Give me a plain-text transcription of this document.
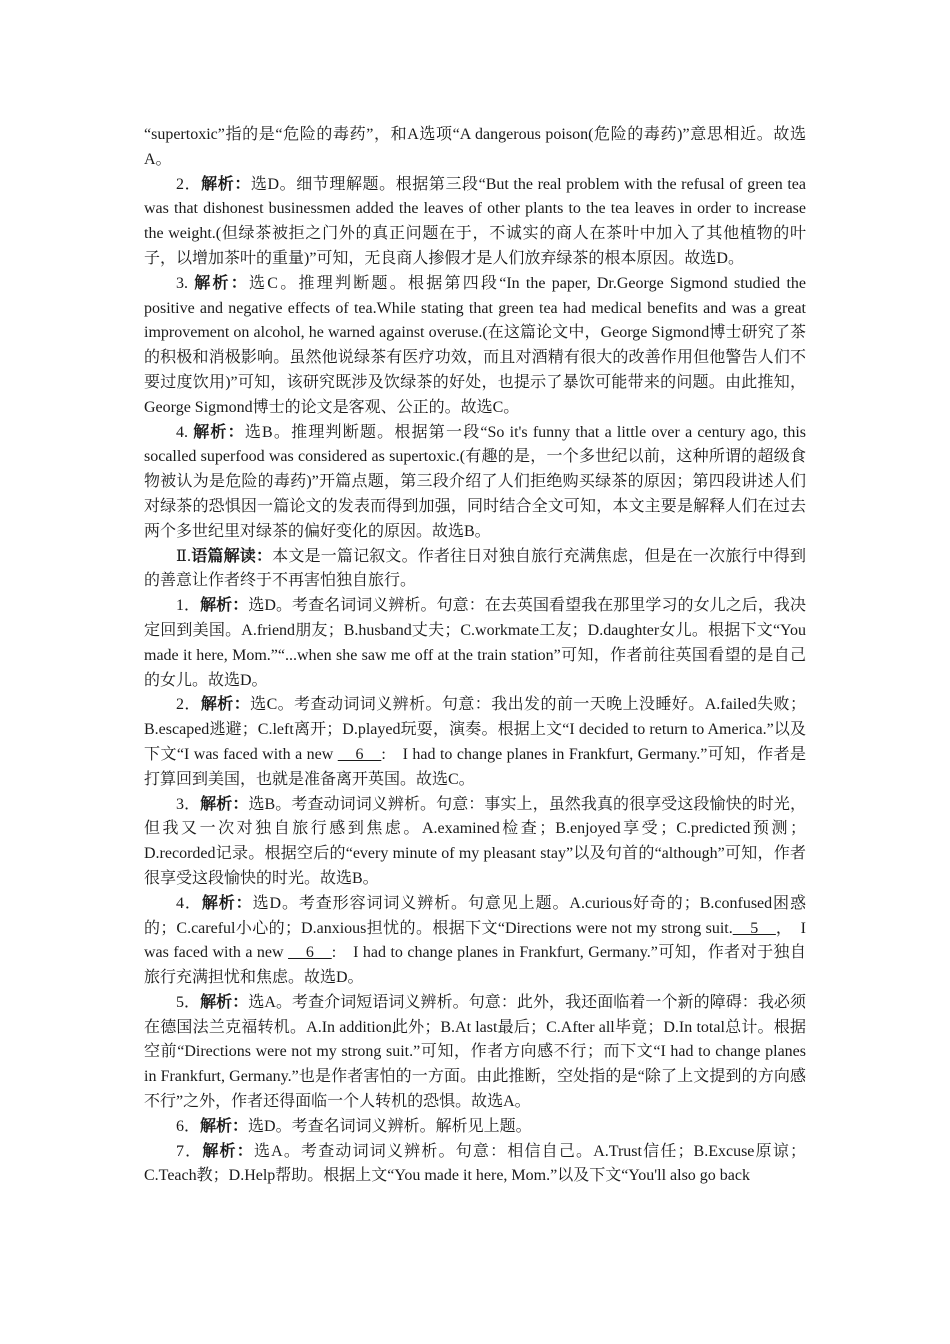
“supertoxic”指的是“危险的毒药”，和A选项“A dangerous poison(危险的毒药)”意思相近。故选A。

2．解析：选D。细节理解题。根据第三段“But the real problem with the refusal of green tea was that dishonest businessmen added the leaves of other plants to the tea leaves in order to increase the weight.(但绿茶被拒之门外的真正问题在于，不诚实的商人在茶叶中加入了其他植物的叶子，以增加茶叶的重量)”可知，无良商人掺假才是人们放弃绿茶的根本原因。故选D。

3. 解析：选C。推理判断题。根据第四段“In the paper, Dr.George Sigmond studied the positive and negative effects of tea.While stating that green tea had medical benefits and was a great improvement on alcohol, he warned against overuse.(在这篇论文中，George Sigmond博士研究了茶的积极和消极影响。虽然他说绿茶有医疗功效，而且对酒精有很大的改善作用但他警告人们不要过度饮用)”可知，该研究既涉及饮绿茶的好处，也提示了暴饮可能带来的问题。由此推知，George Sigmond博士的论文是客观、公正的。故选C。

4. 解析：选B。推理判断题。根据第一段“So it's funny that a little over a century ago, this socalled superfood was considered as supertoxic.(有趣的是，一个多世纪以前，这种所谓的超级食物被认为是危险的毒药)”开篇点题，第三段介绍了人们拒绝购买绿茶的原因；第四段讲述人们对绿茶的恐惧因一篇论文的发表而得到加强，同时结合全文可知，本文主要是解释人们在过去两个多世纪里对绿茶的偏好变化的原因。故选B。

Ⅱ.语篇解读：本文是一篇记叙文。作者往日对独自旅行充满焦虑，但是在一次旅行中得到的善意让作者终于不再害怕独自旅行。

1．解析：选D。考查名词词义辨析。句意：在去英国看望我在那里学习的女儿之后，我决定回到美国。A.friend朋友；B.husband丈夫；C.workmate工友；D.daughter女儿。根据下文“You made it here, Mom.”“...when she saw me off at the train station”可知，作者前往英国看望的是自己的女儿。故选D。

2．解析：选C。考查动词词义辨析。句意：我出发的前一天晚上没睡好。A.failed失败；B.escaped逃避；C.left离开；D.played玩耍，演奏。根据上文“I decided to return to America.”以及下文“I was faced with a new     6    :　I had to change planes in Frankfurt, Germany.”可知，作者是打算回到美国，也就是准备离开英国。故选C。

3．解析：选B。考查动词词义辨析。句意：事实上，虽然我真的很享受这段愉快的时光，但我又一次对独自旅行感到焦虑。A.examined检查；B.enjoyed享受；C.predicted预测；D.recorded记录。根据空后的“every minute of my pleasant stay”以及句首的“although”可知，作者很享受这段愉快的时光。故选B。

4．解析：选D。考查形容词词义辨析。句意见上题。A.curious好奇的；B.confused困惑的；C.careful小心的；D.anxious担忧的。根据下文“Directions were not my strong suit.    5    ，　I was faced with a new     6    :　I had to change planes in Frankfurt, Germany.”可知，作者对于独自旅行充满担忧和焦虑。故选D。

5．解析：选A。考查介词短语词义辨析。句意：此外，我还面临着一个新的障碍：我必须在德国法兰克福转机。A.In addition此外；B.At last最后；C.After all毕竟；D.In total总计。根据空前“Directions were not my strong suit.”可知，作者方向感不行；而下文“I had to change planes in Frankfurt, Germany.”也是作者害怕的一方面。由此推断，空处指的是“除了上文提到的方向感不行”之外，作者还得面临一个人转机的恐惧。故选A。

6．解析：选D。考查名词词义辨析。解析见上题。

7．解析：选A。考查动词词义辨析。句意：相信自己。A.Trust信任；B.Excuse原谅；C.Teach教；D.Help帮助。根据上文“You made it here, Mom.”以及下文“You'll also go back
